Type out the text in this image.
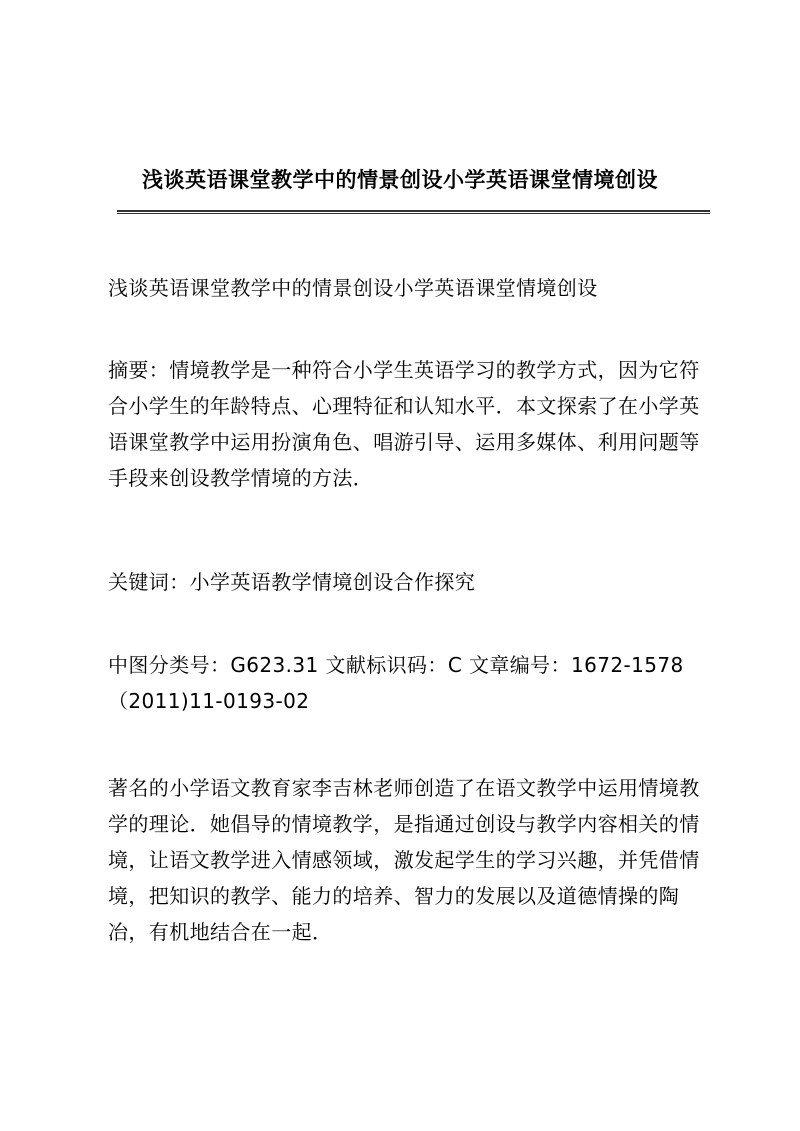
浅谈英语课堂教学中的情景创设小学英语课堂情境创设

浅谈英语课堂教学中的情景创设小学英语课堂情境创设

摘要：情境教学是一种符合小学生英语学习的教学方式，因为它符合小学生的年龄特点、心理特征和认知水平．本文探索了在小学英语课堂教学中运用扮演角色、唱游引导、运用多媒体、利用问题等手段来创设教学情境的方法．

关键词：小学英语教学情境创设合作探究

中图分类号：G623.31 文献标识码：C 文章编号：1672-1578（2011)11-0193-02

著名的小学语文教育家李吉林老师创造了在语文教学中运用情境教学的理论．她倡导的情境教学，是指通过创设与教学内容相关的情境，让语文教学进入情感领域，激发起学生的学习兴趣，并凭借情境，把知识的教学、能力的培养、智力的发展以及道德情操的陶冶，有机地结合在一起．
